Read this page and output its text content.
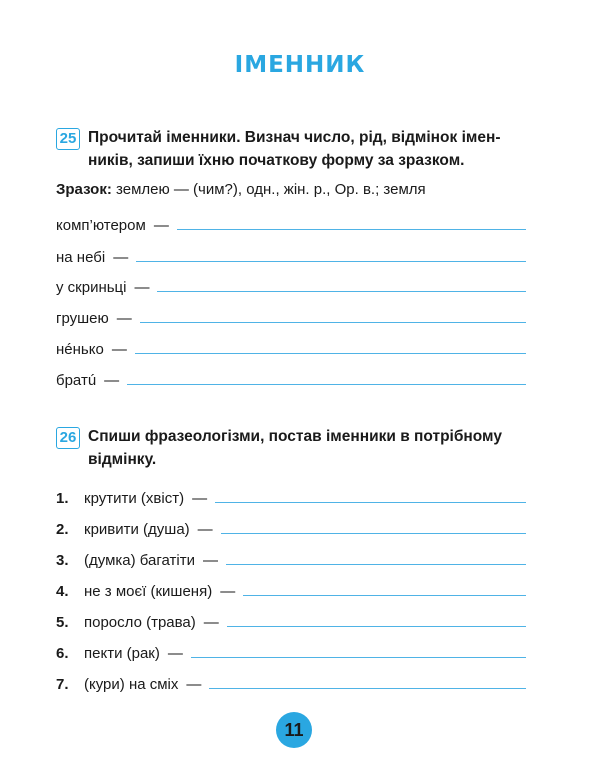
ІМЕННИК
25 Прочитай іменники. Визнач число, рід, відмінок імен-
ників, запиши їхню початкову форму за зразком.
Зразок: землею — (чим?), одн., жін. р., Ор. в.; земля
комп’ютером —
на небі —
у скриньці —
грушею —
нéнько —
братú —
26 Спиши фразеологізми, постав іменники в потрібному
відмінку.
1.	крутити (хвіст) —
2.	кривити (душа) —
3.	(думка) багатіти —
4.	не з моєї (кишеня) —
5.	поросло (трава) —
6.	пекти (рак) —
7.	(кури) на сміх —
11
